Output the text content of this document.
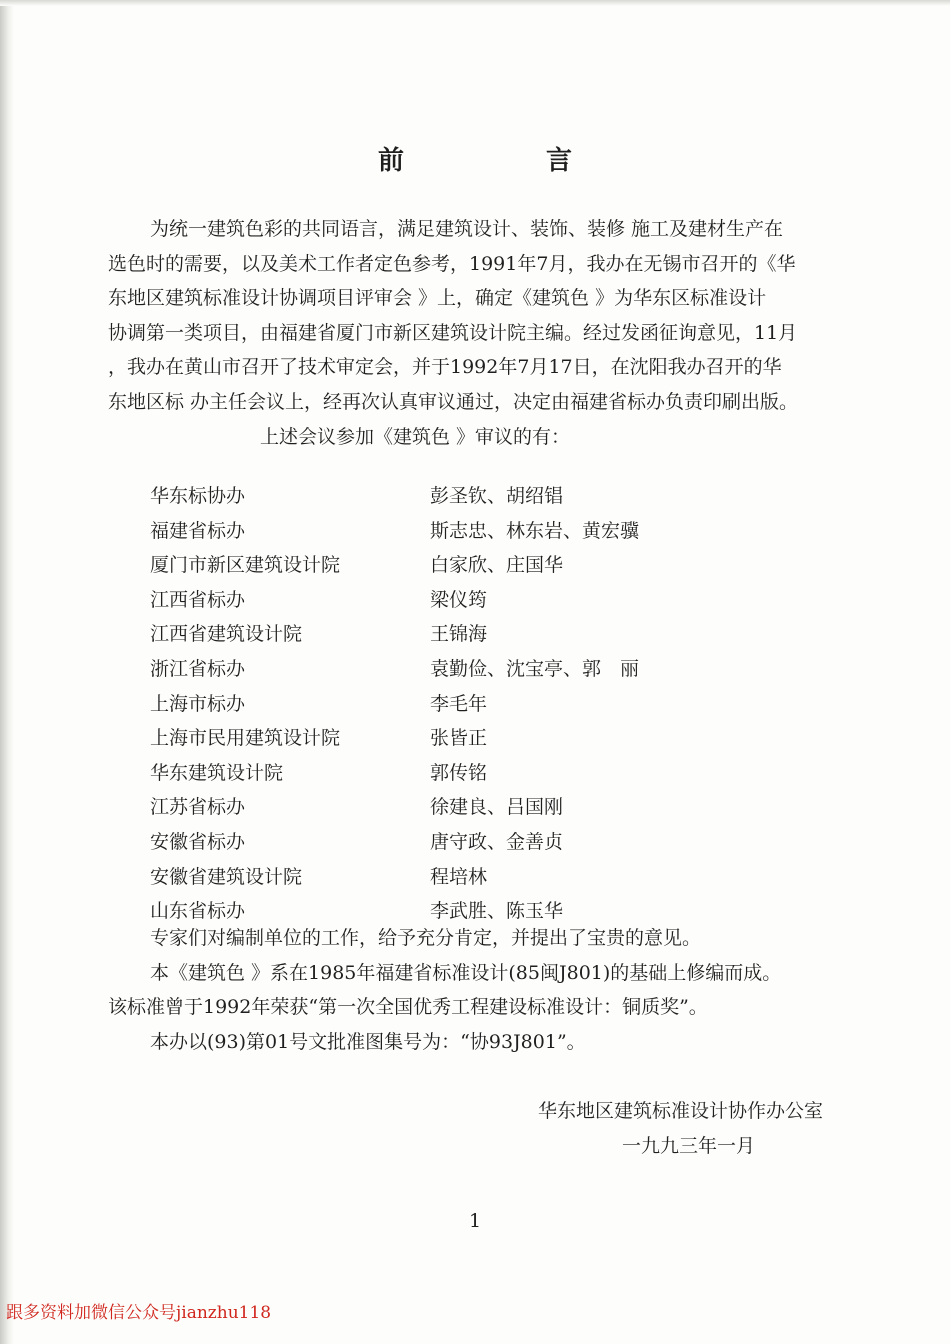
前　言
为统一建筑色彩的共同语言，满足建筑设计、装饰、装修 施工及建材生产在
选色时的需要，以及美术工作者定色参考，1991年7月，我办在无锡市召开的《华
东地区建筑标准设计协调项目评审会 》上，确定《建筑色 》为华东区标准设计
协调第一类项目，由福建省厦门市新区建筑设计院主编。经过发函征询意见，11月
，我办在黄山市召开了技术审定会，并于1992年7月17日，在沈阳我办召开的华
东地区标 办主任会议上，经再次认真审议通过，决定由福建省标办负责印刷出版。
上述会议参加《建筑色 》审议的有：
华东标协办	彭圣钦、胡绍锠
福建省标办	斯志忠、林东岩、黄宏骥
厦门市新区建筑设计院	白家欣、庄国华
江西省标办	梁仪筠
江西省建筑设计院	王锦海
浙江省标办	袁勤俭、沈宝亭、郭　丽
上海市标办	李毛年
上海市民用建筑设计院	张皆正
华东建筑设计院	郭传铭
江苏省标办	徐建良、吕国刚
安徽省标办	唐守政、金善贞
安徽省建筑设计院	程培林
山东省标办	李武胜、陈玉华
专家们对编制单位的工作，给予充分肯定，并提出了宝贵的意见。
本《建筑色 》系在1985年福建省标准设计(85闽J801)的基础上修编而成。
该标准曾于1992年荣获“第一次全国优秀工程建设标准设计：铜质奖”。
本办以(93)第01号文批准图集号为：“协93J801”。
华东地区建筑标准设计协作办公室
一九九三年一月
1
跟多资料加微信公众号jianzhu118
